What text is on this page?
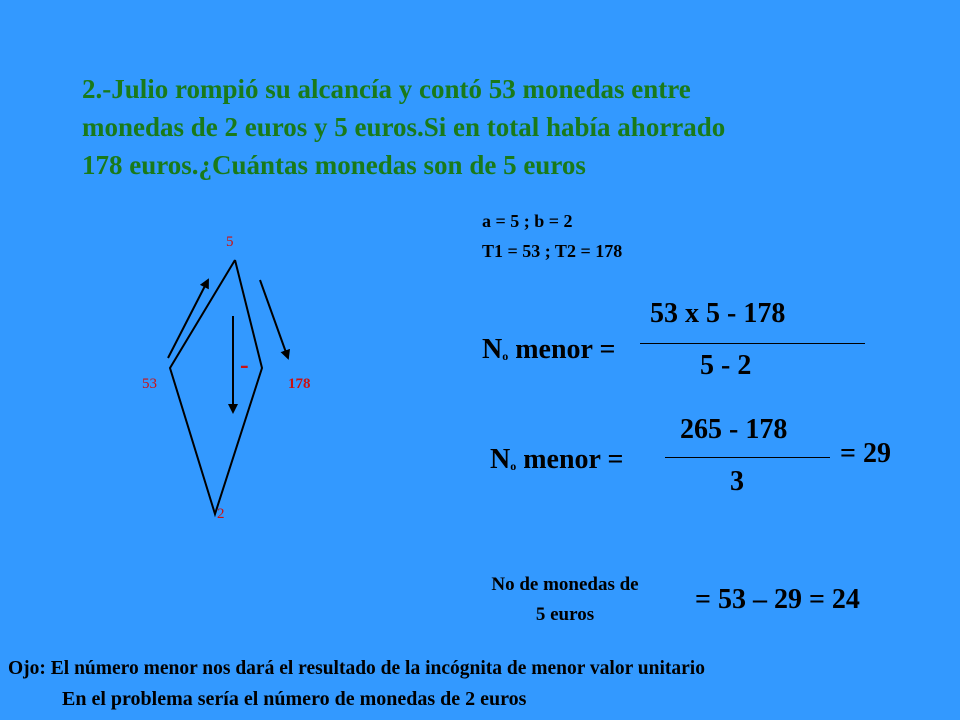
2.-Julio rompió su alcancía y contó 53 monedas entre
monedas de 2 euros y 5 euros.Si en total había ahorrado
178 euros.¿Cuántas monedas son de 5 euros
5
53	178
2
-
a = 5 ; b = 2
T1 = 53 ; T2 = 178
No menor =
53 x 5 - 178
5 - 2
No menor =
265 - 178
3
= 29
No de monedas de
5 euros	= 53 – 29 = 24
Ojo: El número menor nos dará el resultado de la incógnita de menor valor unitario
En el problema sería el número de monedas de 2 euros
